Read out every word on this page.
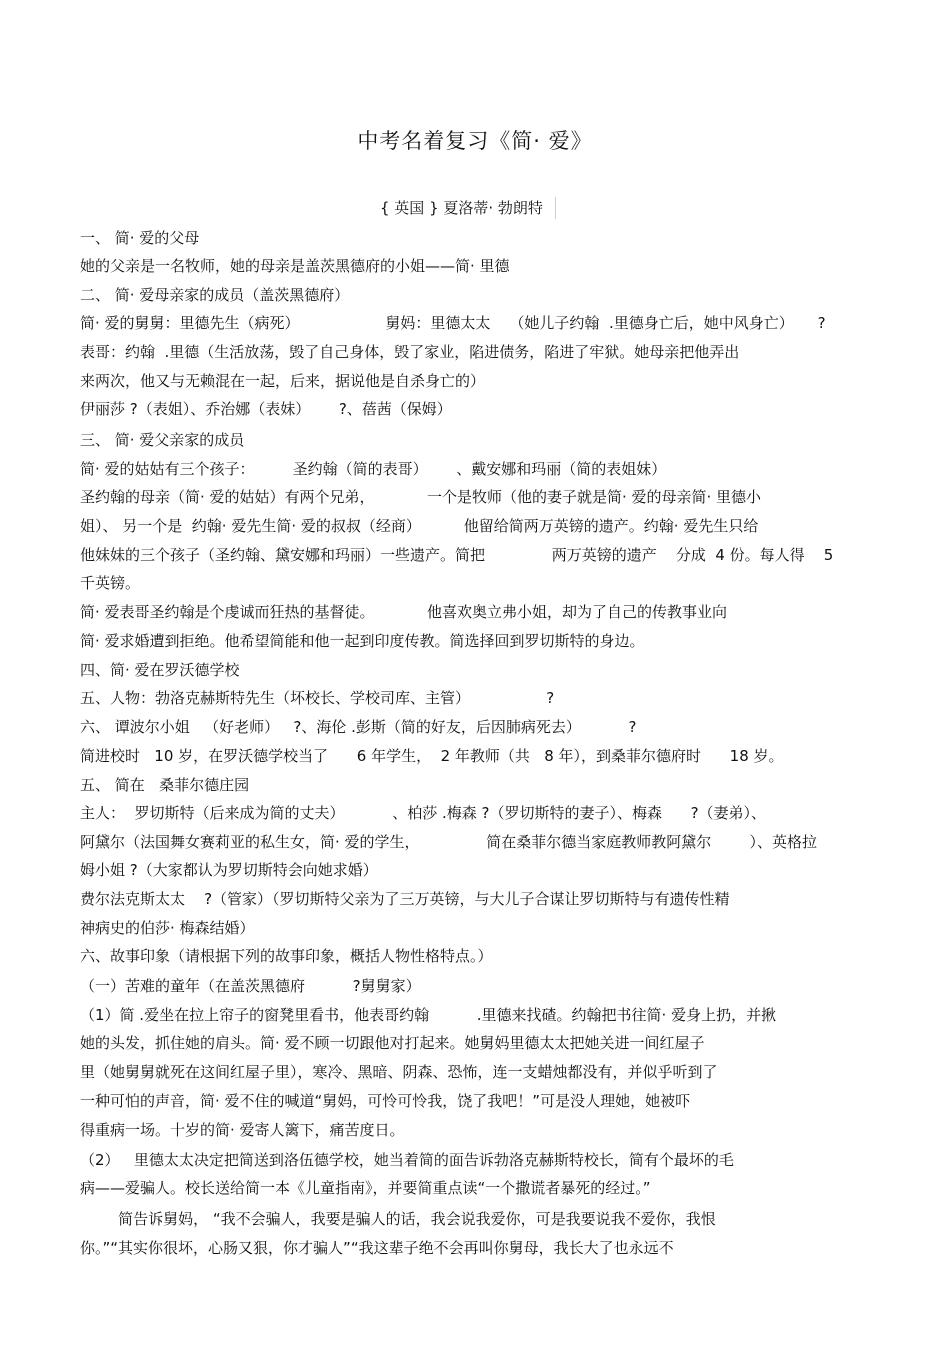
中考名着复习《简· 爱》
{ 英国 } 夏洛蒂· 勃朗特
一、 简· 爱的父母
她的父亲是一名牧师，她的母亲是盖茨黑德府的小姐——简· 里德
二、 简· 爱母亲家的成员（盖茨黑德府）
简· 爱的舅舅：里德先生（病死）                  舅妈：里德太太    （她儿子约翰  .里德身亡后，她中风身亡）     ?
表哥：约翰  .里德（生活放荡，毁了自己身体，毁了家业，陷进债务，陷进了牢狱。她母亲把他弄出
来两次，他又与无赖混在一起，后来，据说他是自杀身亡的）
伊丽莎 ?（表姐）、乔治娜（表妹）      ?、蓓茜（保姆）
三、 简· 爱父亲家的成员
简· 爱的姑姑有三个孩子：        圣约翰（简的表哥）      、戴安娜和玛丽（简的表姐妹）
圣约翰的母亲（简· 爱的姑姑）有两个兄弟，           一个是牧师（他的妻子就是简· 爱的母亲简· 里德小
姐）、 另一个是  约翰· 爱先生简· 爱的叔叔（经商）         他留给简两万英镑的遗产。约翰· 爱先生只给
他妹妹的三个孩子（圣约翰、黛安娜和玛丽）一些遗产。简把              两万英镑的遗产    分成  4 份。每人得    5
千英镑。
简· 爱表哥圣约翰是个虔诚而狂热的基督徒。           他喜欢奥立弗小姐，却为了自己的传教事业向
简· 爱求婚遭到拒绝。他希望简能和他一起到印度传教。简选择回到罗切斯特的身边。
四、简· 爱在罗沃德学校
五、人物：勃洛克赫斯特先生（坏校长、学校司库、主管）                ?
六、 谭波尔小姐   （好老师）   ?、海伦 .彭斯（简的好友，后因肺病死去）          ?
简进校时   10 岁，在罗沃德学校当了      6 年学生，  2 年教师（共   8 年），到桑菲尔德府时      18 岁。
五、 简在   桑菲尔德庄园
主人：  罗切斯特（后来成为简的丈夫）          、柏莎 .梅森 ?（罗切斯特的妻子）、梅森      ?（妻弟）、
阿黛尔（法国舞女赛莉亚的私生女，简· 爱的学生，              简在桑菲尔德当家庭教师教阿黛尔        ）、英格拉
姆小姐 ?（大家都认为罗切斯特会向她求婚）
费尔法克斯太太    ?（管家）（罗切斯特父亲为了三万英镑，与大儿子合谋让罗切斯特与有遗传性精
神病史的伯莎· 梅森结婚）
六、故事印象（请根据下列的故事印象，概括人物性格特点。）
（一）苦难的童年（在盖茨黑德府          ?舅舅家）
（1）简 .爱坐在拉上帘子的窗凳里看书，他表哥约翰          .里德来找碴。约翰把书往简· 爱身上扔，并揪
她的头发，抓住她的肩头。简· 爱不顾一切跟他对打起来。她舅妈里德太太把她关进一间红屋子
里（她舅舅就死在这间红屋子里），寒冷、黑暗、阴森、恐怖，连一支蜡烛都没有，并似乎听到了
一种可怕的声音，简· 爱不住的喊道“舅妈，可怜可怜我，饶了我吧！”可是没人理她，她被吓
得重病一场。十岁的简· 爱寄人篱下，痛苦度日。
（2）   里德太太决定把简送到洛伍德学校，她当着简的面告诉勃洛克赫斯特校长，简有个最坏的毛
病——爱骗人。校长送给简一本《儿童指南》，并要简重点读“一个撒谎者暴死的经过。”
简告诉舅妈， “我不会骗人，我要是骗人的话，我会说我爱你，可是我要说我不爱你，我恨
你。”“其实你很坏，心肠又狠，你才骗人”“我这辈子绝不会再叫你舅母，我长大了也永远不
